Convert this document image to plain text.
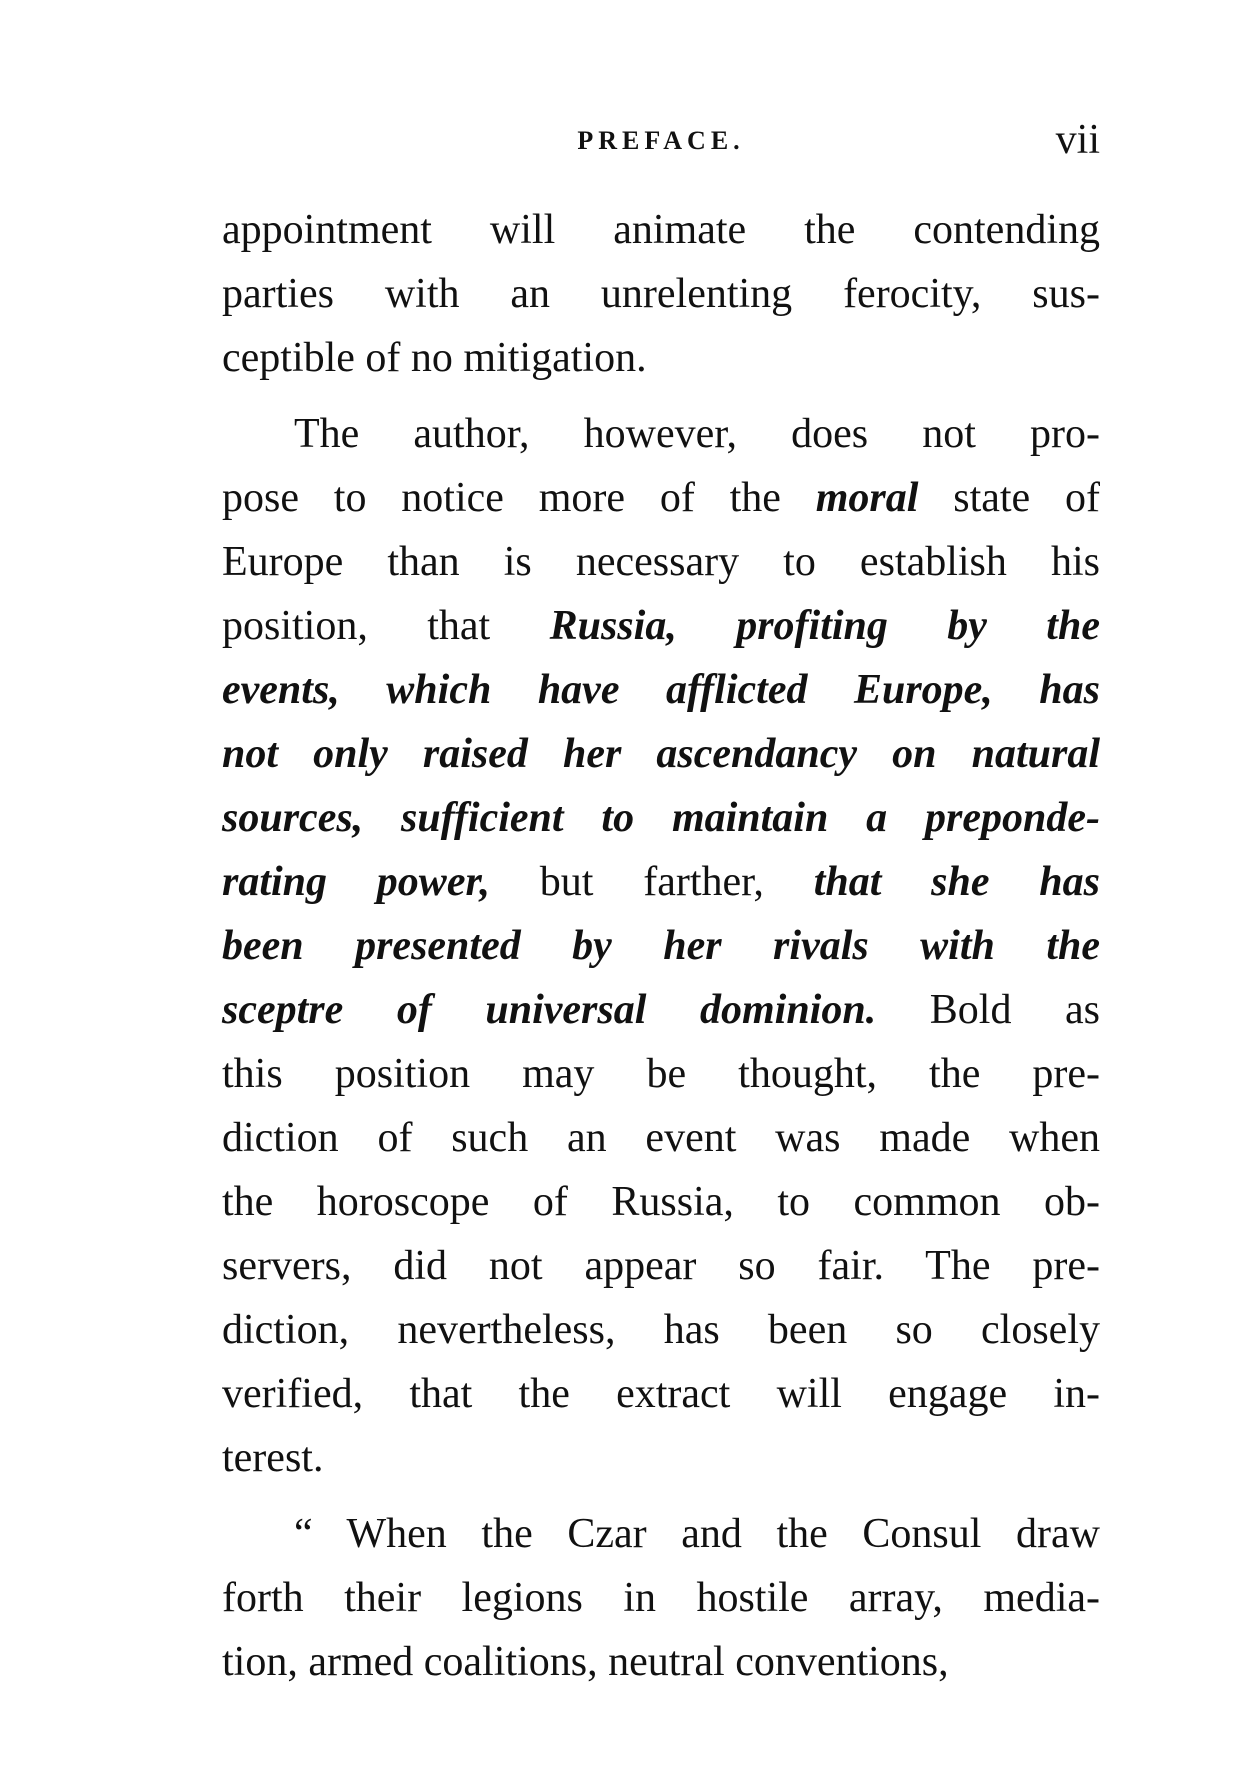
PREFACE.	vii
appointment will animate the contending
parties with an unrelenting ferocity, sus-
ceptible of no mitigation.
The author, however, does not pro-
pose to notice more of the moral state of
Europe than is necessary to establish his
position, that Russia, profiting by the
events, which have afflicted Europe, has
not only raised her ascendancy on natural
sources, sufficient to maintain a preponde-
rating power, but farther, that she has
been presented by her rivals with the
sceptre of universal dominion. Bold as
this position may be thought, the pre-
diction of such an event was made when
the horoscope of Russia, to common ob-
servers, did not appear so fair. The pre-
diction, nevertheless, has been so closely
verified, that the extract will engage in-
terest.
“ When the Czar and the Consul draw
forth their legions in hostile array, media-
tion, armed coalitions, neutral conventions,
